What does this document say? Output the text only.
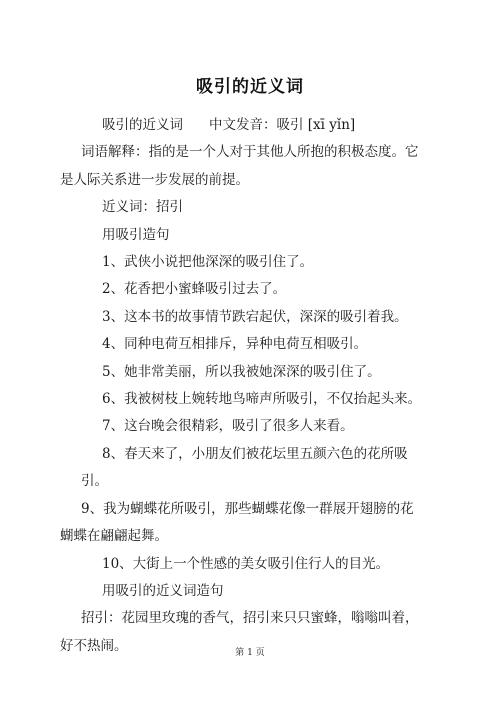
吸引的近义词

吸引的近义词 中文发音：吸引 [xī yǐn]

词语解释：指的是一个人对于其他人所抱的积极态度。它是人际关系进一步发展的前提。

近义词：招引

用吸引造句

1、武侠小说把他深深的吸引住了。

2、花香把小蜜蜂吸引过去了。

3、这本书的故事情节跌宕起伏，深深的吸引着我。

4、同种电荷互相排斥，异种电荷互相吸引。

5、她非常美丽，所以我被她深深的吸引住了。

6、我被树枝上婉转地鸟啼声所吸引，不仅抬起头来。

7、这台晚会很精彩，吸引了很多人来看。

8、春天来了，小朋友们被花坛里五颜六色的花所吸引。

9、我为蝴蝶花所吸引，那些蝴蝶花像一群展开翅膀的花蝴蝶在翩翩起舞。

10、大街上一个性感的美女吸引住行人的目光。

用吸引的近义词造句

招引：花园里玫瑰的香气，招引来只只蜜蜂，嗡嗡叫着，好不热闹。	第 1 页
